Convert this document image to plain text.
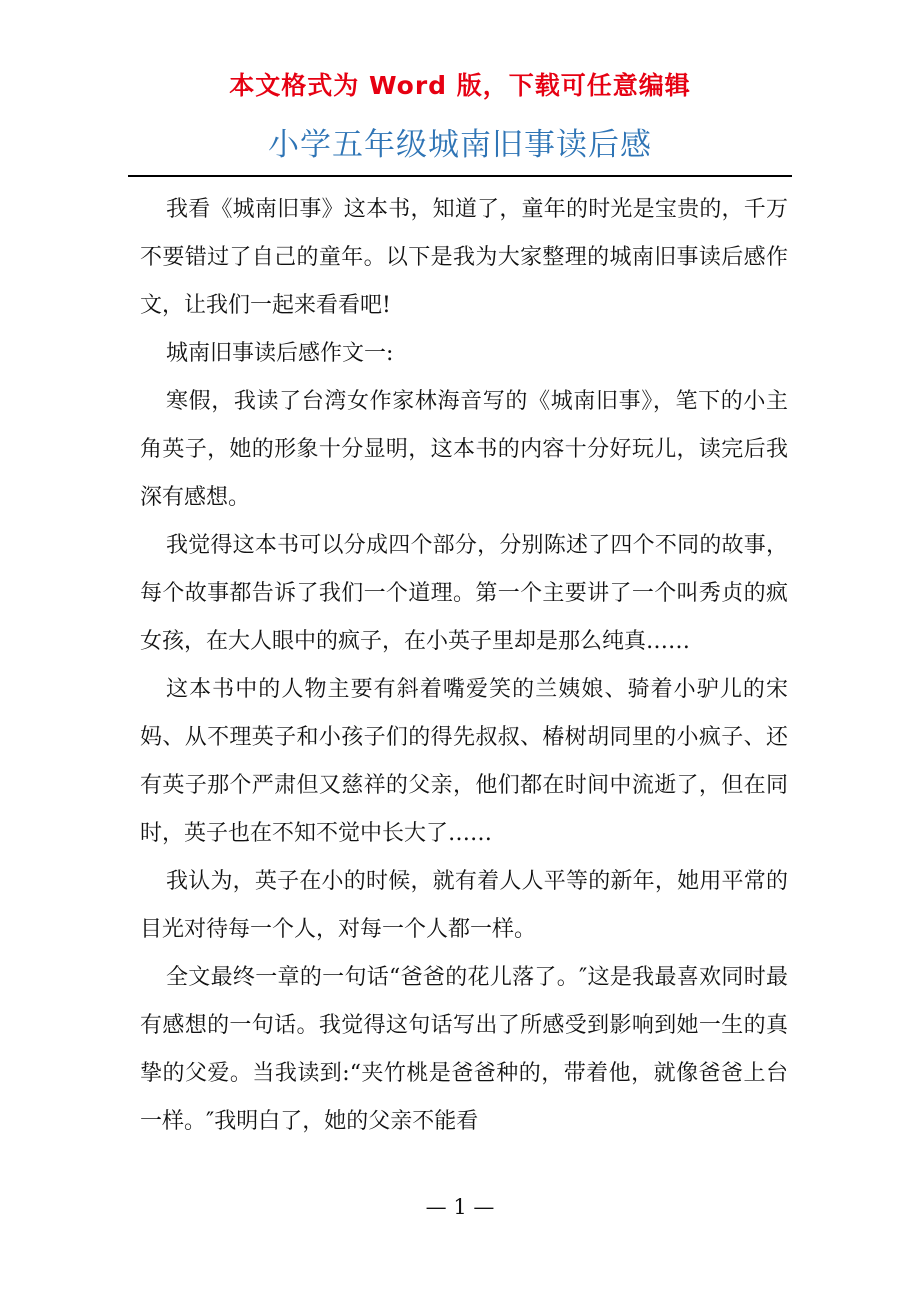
本文格式为 Word 版，下载可任意编辑
小学五年级城南旧事读后感

我看《城南旧事》这本书，知道了，童年的时光是宝贵的，千万不要错过了自己的童年。以下是我为大家整理的城南旧事读后感作文，让我们一起来看看吧!

城南旧事读后感作文一:

寒假，我读了台湾女作家林海音写的《城南旧事》，笔下的小主角英子，她的形象十分显明，这本书的内容十分好玩儿，读完后我深有感想。

我觉得这本书可以分成四个部分，分别陈述了四个不同的故事，每个故事都告诉了我们一个道理。第一个主要讲了一个叫秀贞的疯女孩，在大人眼中的疯子，在小英子里却是那么纯真……

这本书中的人物主要有斜着嘴爱笑的兰姨娘、骑着小驴儿的宋妈、从不理英子和小孩子们的得先叔叔、椿树胡同里的小疯子、还有英子那个严肃但又慈祥的父亲，他们都在时间中流逝了，但在同时，英子也在不知不觉中长大了……

我认为，英子在小的时候，就有着人人平等的新年，她用平常的目光对待每一个人，对每一个人都一样。

全文最终一章的一句话“爸爸的花儿落了。″这是我最喜欢同时最有感想的一句话。我觉得这句话写出了所感受到影响到她一生的真挚的父爱。当我读到:“夹竹桃是爸爸种的，带着他，就像爸爸上台一样。″我明白了，她的父亲不能看

— 1 —
